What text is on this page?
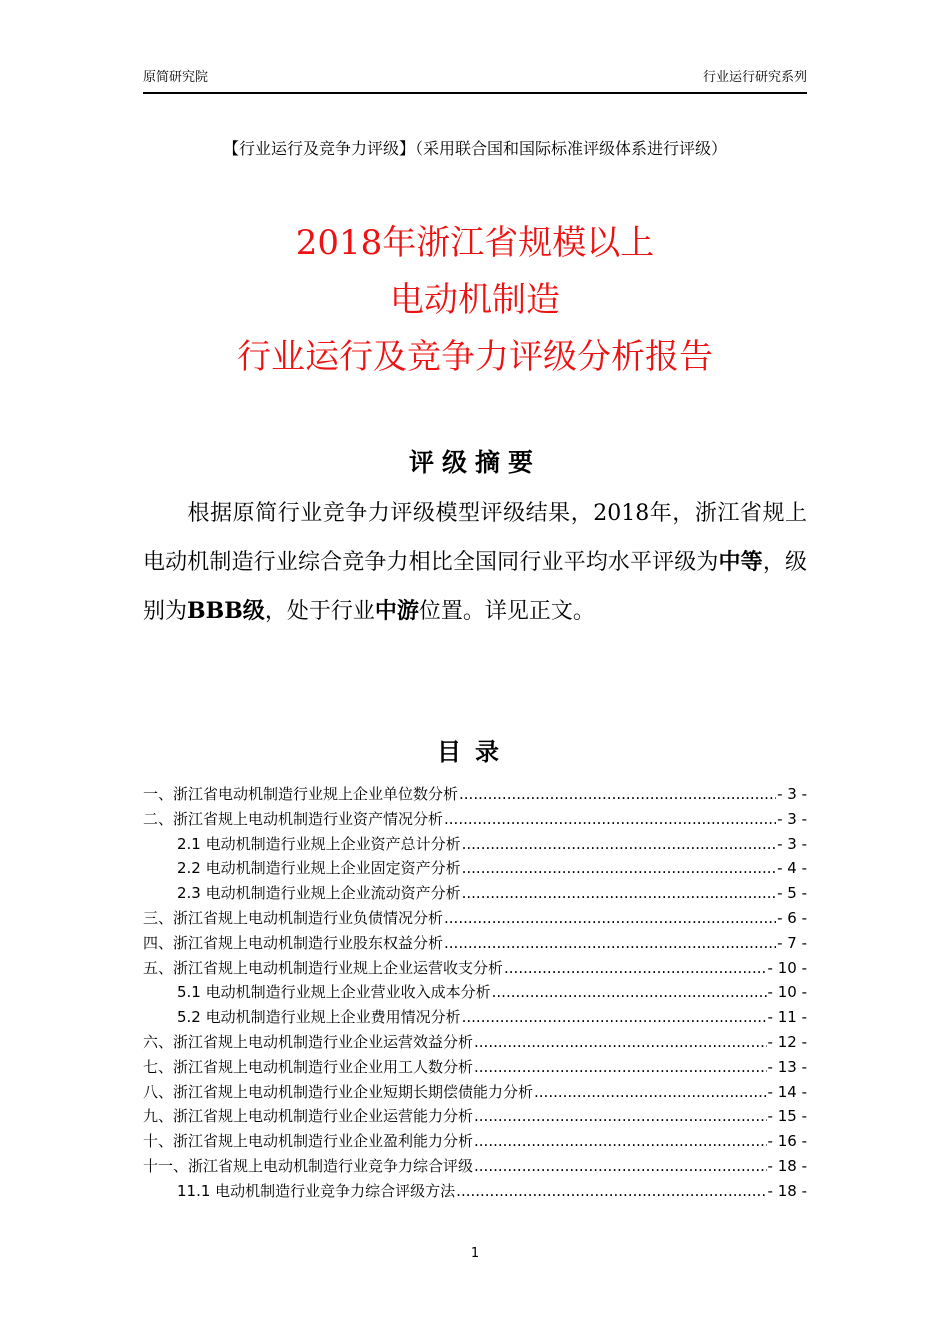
原简研究院	行业运行研究系列
【行业运行及竞争力评级】（采用联合国和国际标准评级体系进行评级）
2018年浙江省规模以上
电动机制造
行业运行及竞争力评级分析报告
评级摘要
根据原简行业竞争力评级模型评级结果，2018年，浙江省规上电动机制造行业综合竞争力相比全国同行业平均水平评级为中等，级别为BBB级，处于行业中游位置。详见正文。
目录
一、浙江省电动机制造行业规上企业单位数分析 .....	- 3 -
二、浙江省规上电动机制造行业资产情况分析 .....	- 3 -
2.1 电动机制造行业规上企业资产总计分析 .....	- 3 -
2.2 电动机制造行业规上企业固定资产分析 .....	- 4 -
2.3 电动机制造行业规上企业流动资产分析 .....	- 5 -
三、浙江省规上电动机制造行业负债情况分析 .....	- 6 -
四、浙江省规上电动机制造行业股东权益分析 .....	- 7 -
五、浙江省规上电动机制造行业规上企业运营收支分析 .....	- 10 -
5.1 电动机制造行业规上企业营业收入成本分析 .....	- 10 -
5.2 电动机制造行业规上企业费用情况分析 .....	- 11 -
六、浙江省规上电动机制造行业企业运营效益分析 .....	- 12 -
七、浙江省规上电动机制造行业企业用工人数分析 .....	- 13 -
八、浙江省规上电动机制造行业企业短期长期偿债能力分析 .....	- 14 -
九、浙江省规上电动机制造行业企业运营能力分析 .....	- 15 -
十、浙江省规上电动机制造行业企业盈利能力分析 .....	- 16 -
十一、浙江省规上电动机制造行业竞争力综合评级 .....	- 18 -
11.1 电动机制造行业竞争力综合评级方法 .....	- 18 -
1
